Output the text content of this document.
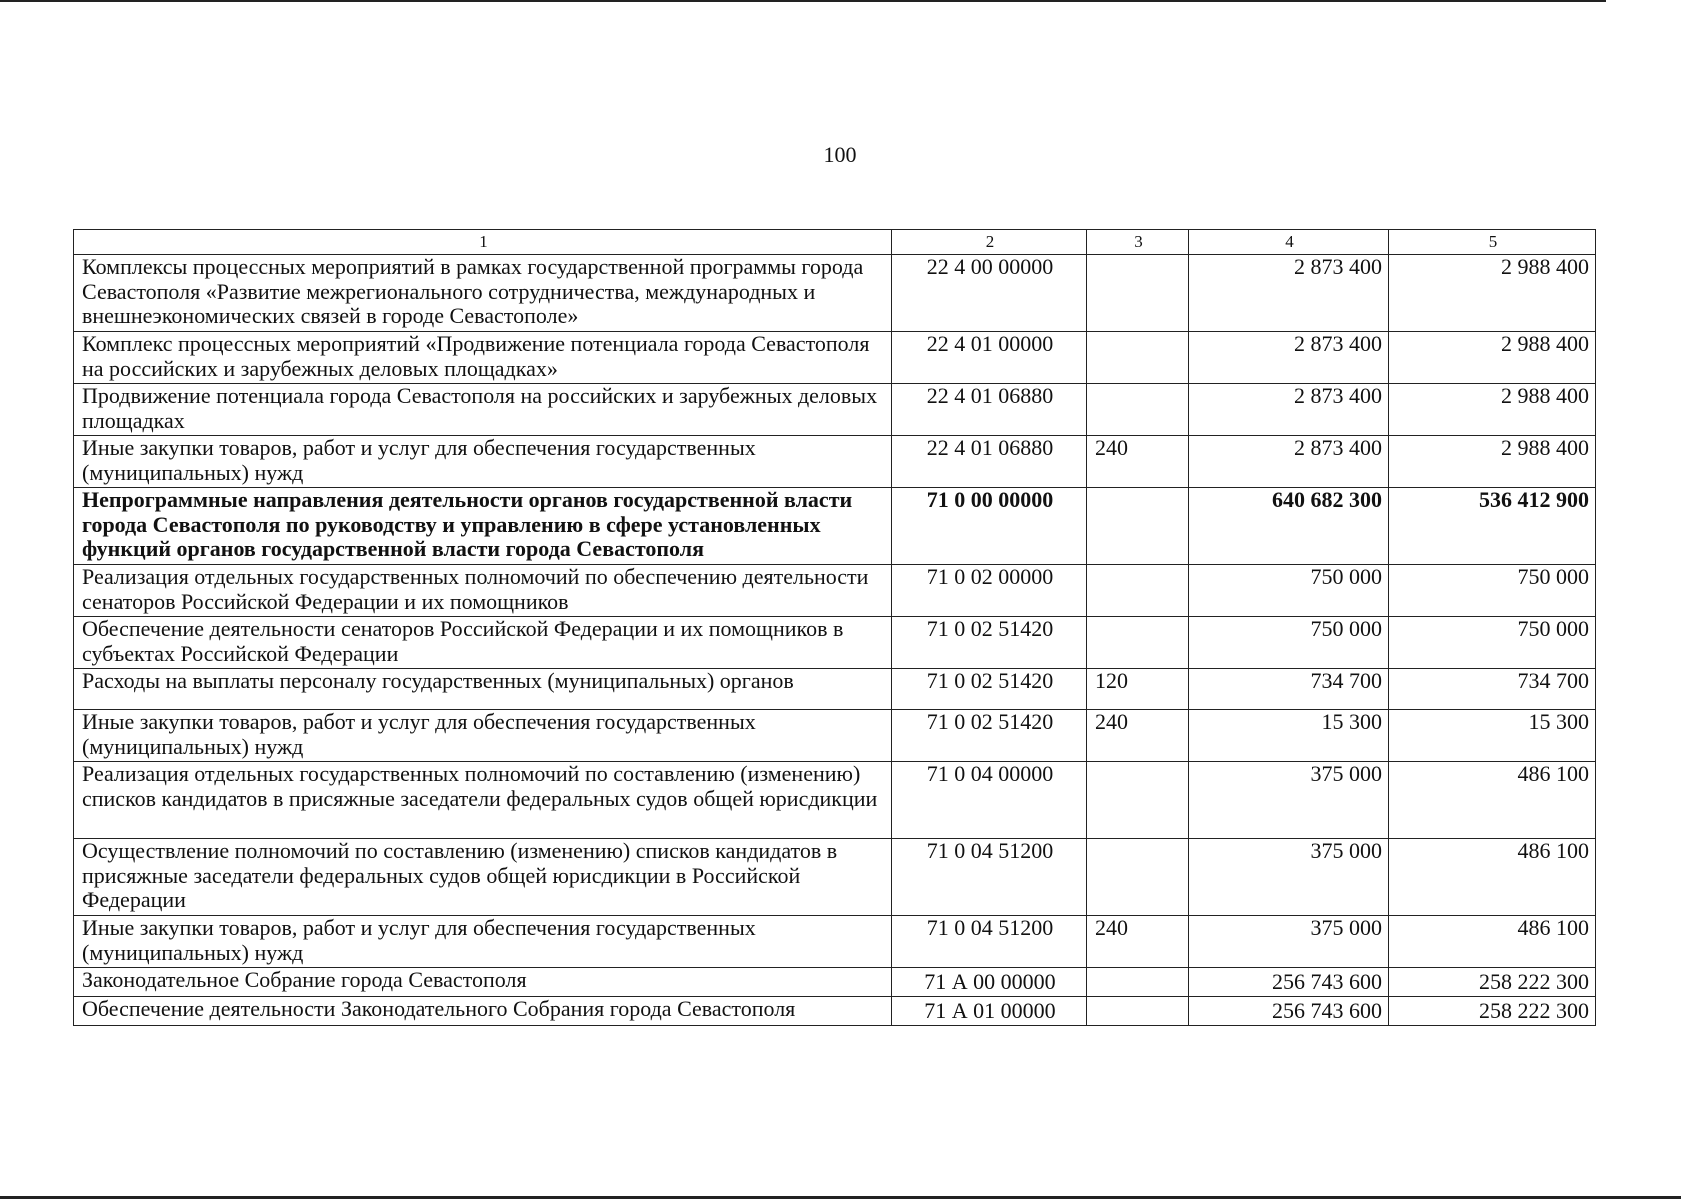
100
1	2	3	4	5
Комплексы процессных мероприятий в рамках государственной программы города Севастополя «Развитие межрегионального сотрудничества, международных и внешнеэкономических связей в городе Севастополе»	22 4 00 00000		2 873 400	2 988 400
Комплекс процессных мероприятий «Продвижение потенциала города Севастополя на российских и зарубежных деловых площадках»	22 4 01 00000		2 873 400	2 988 400
Продвижение потенциала города Севастополя на российских и зарубежных деловых площадках	22 4 01 06880		2 873 400	2 988 400
Иные закупки товаров, работ и услуг для обеспечения государственных (муниципальных) нужд	22 4 01 06880	240	2 873 400	2 988 400
Непрограммные направления деятельности органов государственной власти города Севастополя по руководству и управлению в сфере установленных функций органов государственной власти города Севастополя	71 0 00 00000		640 682 300	536 412 900
Реализация отдельных государственных полномочий по обеспечению деятельности сенаторов Российской Федерации и их помощников	71 0 02 00000		750 000	750 000
Обеспечение деятельности сенаторов Российской Федерации и их помощников в субъектах Российской Федерации	71 0 02 51420		750 000	750 000
Расходы на выплаты персоналу государственных (муниципальных) органов	71 0 02 51420	120	734 700	734 700
Иные закупки товаров, работ и услуг для обеспечения государственных (муниципальных) нужд	71 0 02 51420	240	15 300	15 300
Реализация отдельных государственных полномочий по составлению (изменению) списков кандидатов в присяжные заседатели федеральных судов общей юрисдикции	71 0 04 00000		375 000	486 100
Осуществление полномочий по составлению (изменению) списков кандидатов в присяжные заседатели федеральных судов общей юрисдикции в Российской Федерации	71 0 04 51200		375 000	486 100
Иные закупки товаров, работ и услуг для обеспечения государственных (муниципальных) нужд	71 0 04 51200	240	375 000	486 100
Законодательное Собрание города Севастополя	71 А 00 00000		256 743 600	258 222 300
Обеспечение деятельности Законодательного Собрания города Севастополя	71 А 01 00000		256 743 600	258 222 300
